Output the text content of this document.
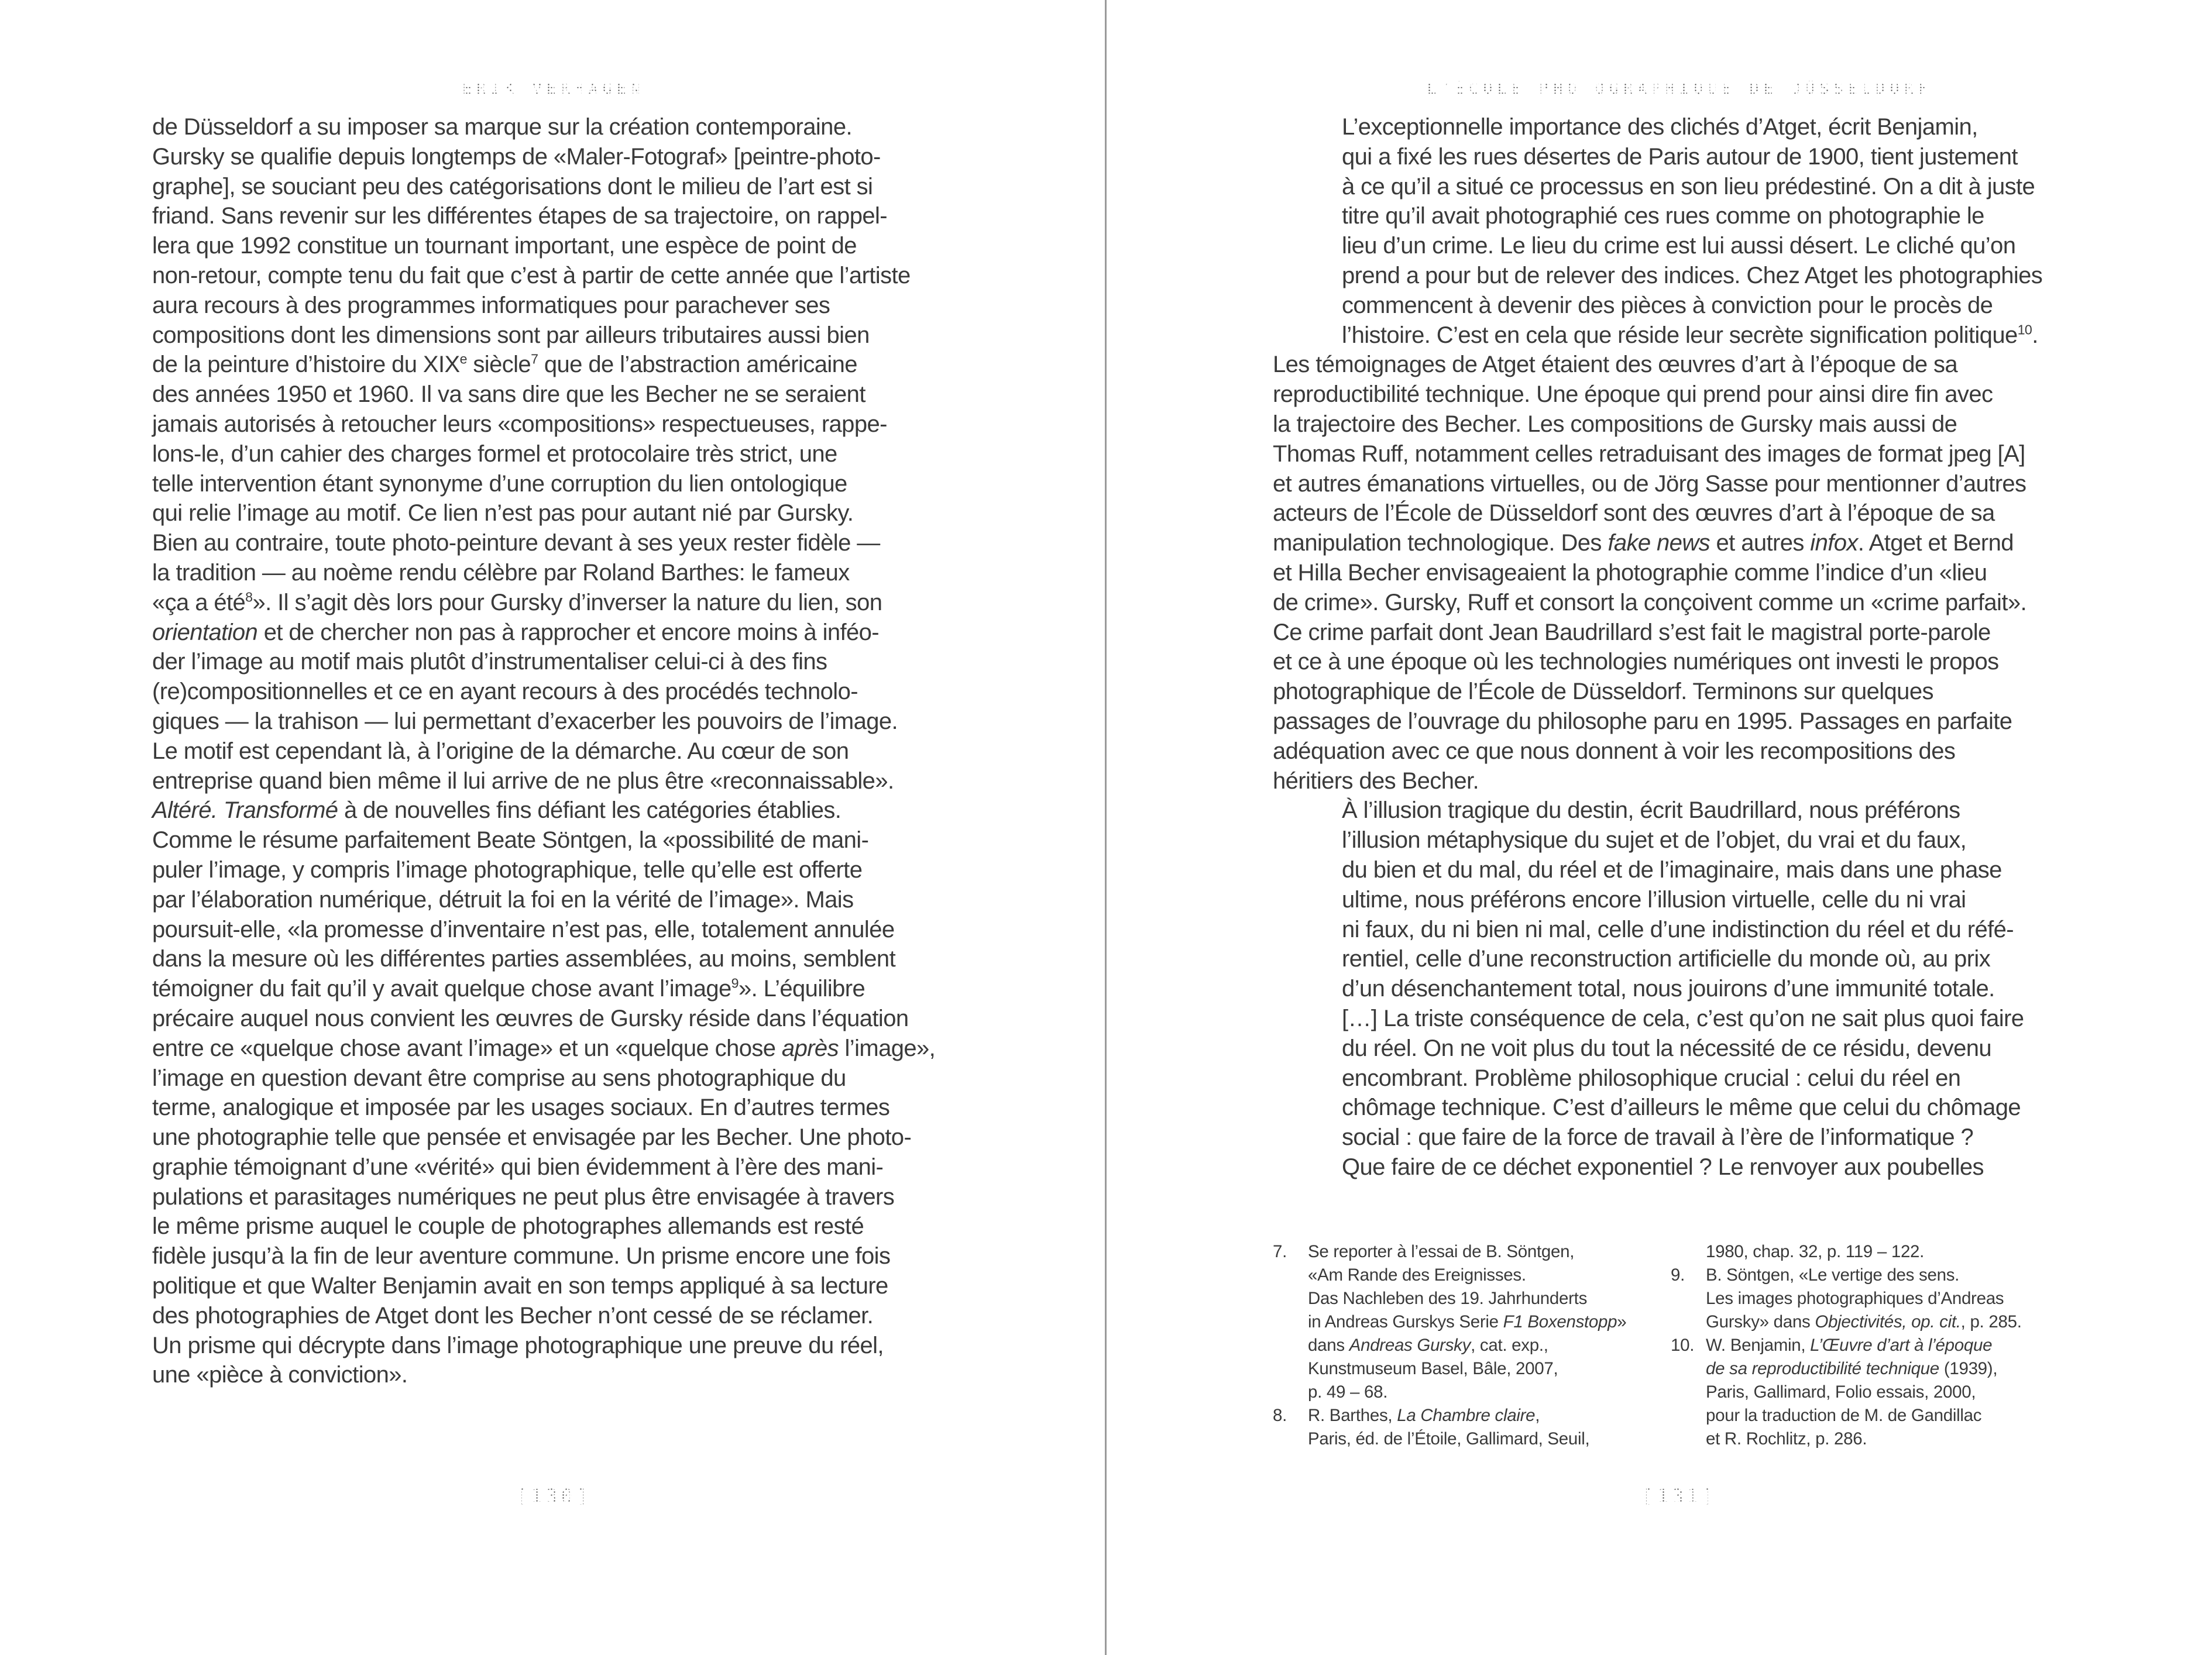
ERIK VERHAGEN
de Düsseldorf a su imposer sa marque sur la création contemporaine.
Gursky se qualifie depuis longtemps de «Maler-Fotograf» [peintre-photo-
graphe], se souciant peu des catégorisations dont le milieu de l’art est si
friand. Sans revenir sur les différentes étapes de sa trajectoire, on rappel-
lera que 1992 constitue un tournant important, une espèce de point de
non-retour, compte tenu du fait que c’est à partir de cette année que l’artiste
aura recours à des programmes informatiques pour parachever ses
compositions dont les dimensions sont par ailleurs tributaires aussi bien
de la peinture d’histoire du XIXe siècle$^7$ que de l’abstraction américaine
des années 1950 et 1960. Il va sans dire que les Becher ne se seraient
jamais autorisés à retoucher leurs «compositions» respectueuses, rappe-
lons-le, d’un cahier des charges formel et protocolaire très strict, une
telle intervention étant synonyme d’une corruption du lien ontologique
qui relie l’image au motif. Ce lien n’est pas pour autant nié par Gursky.
Bien au contraire, toute photo-peinture devant à ses yeux rester fidèle —
la tradition — au noème rendu célèbre par Roland Barthes: le fameux
«ça a été$^8$». Il s’agit dès lors pour Gursky d’inverser la nature du lien, son
orientation et de chercher non pas à rapprocher et encore moins à inféo-
der l’image au motif mais plutôt d’instrumentaliser celui-ci à des fins
(re)compositionnelles et ce en ayant recours à des procédés technolo-
giques — la trahison — lui permettant d’exacerber les pouvoirs de l’image.
Le motif est cependant là, à l’origine de la démarche. Au cœur de son
entreprise quand bien même il lui arrive de ne plus être «reconnaissable».
Altéré. Transformé à de nouvelles fins défiant les catégories établies.
Comme le résume parfaitement Beate Söntgen, la «possibilité de mani-
puler l’image, y compris l’image photographique, telle qu’elle est offerte
par l’élaboration numérique, détruit la foi en la vérité de l’image». Mais
poursuit-elle, «la promesse d’inventaire n’est pas, elle, totalement annulée
dans la mesure où les différentes parties assemblées, au moins, semblent
témoigner du fait qu’il y avait quelque chose avant l’image$^9$». L’équilibre
précaire auquel nous convient les œuvres de Gursky réside dans l’équation
entre ce «quelque chose avant l’image» et un «quelque chose après l’image»,
l’image en question devant être comprise au sens photographique du
terme, analogique et imposée par les usages sociaux. En d’autres termes
une photographie telle que pensée et envisagée par les Becher. Une photo-
graphie témoignant d’une «vérité» qui bien évidemment à l’ère des mani-
pulations et parasitages numériques ne peut plus être envisagée à travers
le même prisme auquel le couple de photographes allemands est resté
fidèle jusqu’à la fin de leur aventure commune. Un prisme encore une fois
politique et que Walter Benjamin avait en son temps appliqué à sa lecture
des photographies de Atget dont les Becher n’ont cessé de se réclamer.
Un prisme qui décrypte dans l’image photographique une preuve du réel,
une «pièce à conviction».
[130]
L’ÉCOLE PHOTOGRAPHIQUE DE DÜSSELDORF
L’exceptionnelle importance des clichés d’Atget, écrit Benjamin,
qui a fixé les rues désertes de Paris autour de 1900, tient justement
à ce qu’il a situé ce processus en son lieu prédestiné. On a dit à juste
titre qu’il avait photographié ces rues comme on photographie le
lieu d’un crime. Le lieu du crime est lui aussi désert. Le cliché qu’on
prend a pour but de relever des indices. Chez Atget les photographies
commencent à devenir des pièces à conviction pour le procès de
l’histoire. C’est en cela que réside leur secrète signification politique$^{10}$.
Les témoignages de Atget étaient des œuvres d’art à l’époque de sa
reproductibilité technique. Une époque qui prend pour ainsi dire fin avec
la trajectoire des Becher. Les compositions de Gursky mais aussi de
Thomas Ruff, notamment celles retraduisant des images de format jpeg [A]
et autres émanations virtuelles, ou de Jörg Sasse pour mentionner d’autres
acteurs de l’École de Düsseldorf sont des œuvres d’art à l’époque de sa
manipulation technologique. Des fake news et autres infox. Atget et Bernd
et Hilla Becher envisageaient la photographie comme l’indice d’un «lieu
de crime». Gursky, Ruff et consort la conçoivent comme un «crime parfait».
Ce crime parfait dont Jean Baudrillard s’est fait le magistral porte-parole
et ce à une époque où les technologies numériques ont investi le propos
photographique de l’École de Düsseldorf. Terminons sur quelques
passages de l’ouvrage du philosophe paru en 1995. Passages en parfaite
adéquation avec ce que nous donnent à voir les recompositions des
héritiers des Becher.
À l’illusion tragique du destin, écrit Baudrillard, nous préférons
l’illusion métaphysique du sujet et de l’objet, du vrai et du faux,
du bien et du mal, du réel et de l’imaginaire, mais dans une phase
ultime, nous préférons encore l’illusion virtuelle, celle du ni vrai
ni faux, du ni bien ni mal, celle d’une indistinction du réel et du réfé-
rentiel, celle d’une reconstruction artificielle du monde où, au prix
d’un désenchantement total, nous jouirons d’une immunité totale.
[…] La triste conséquence de cela, c’est qu’on ne sait plus quoi faire
du réel. On ne voit plus du tout la nécessité de ce résidu, devenu
encombrant. Problème philosophique crucial : celui du réel en
chômage technique. C’est d’ailleurs le même que celui du chômage
social : que faire de la force de travail à l’ère de l’informatique ?
Que faire de ce déchet exponentiel ? Le renvoyer aux poubelles
7.	Se reporter à l’essai de B. Söntgen,
«Am Rande des Ereignisses.
Das Nachleben des 19. Jahrhunderts
in Andreas Gurskys Serie F1 Boxenstopp»
dans Andreas Gursky, cat. exp.,
Kunstmuseum Basel, Bâle, 2007,
p. 49 – 68.
8.	R. Barthes, La Chambre claire,
Paris, éd. de l’Étoile, Gallimard, Seuil,
1980, chap. 32, p. 119 – 122.
9.	B. Söntgen, «Le vertige des sens.
Les images photographiques d’Andreas
Gursky» dans Objectivités, op. cit., p. 285.
10. W. Benjamin, L’Œuvre d’art à l’époque
de sa reproductibilité technique (1939),
Paris, Gallimard, Folio essais, 2000,
pour la traduction de M. de Gandillac
et R. Rochlitz, p. 286.
[131]
